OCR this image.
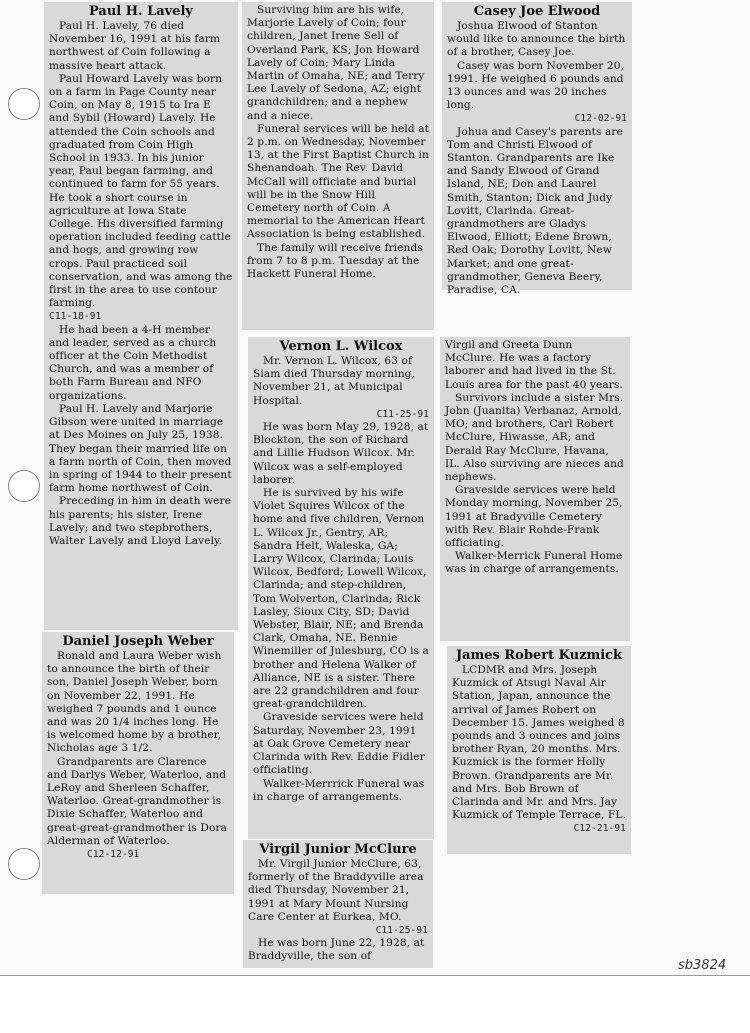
Paul H. Lavely

Paul H. Lavely, 76 died November 16, 1991 at his farm northwest of Coin following a massive heart attack.

Paul Howard Lavely was born on a farm in Page County near Coin, on May 8, 1915 to Ira E and Sybil (Howard) Lavely. He attended the Coin schools and graduated from Coin High School in 1933. In his junior year, Paul began farming, and continued to farm for 55 years. He took a short course in agriculture at Iowa State College. His diversified farming operation included feeding cattle and hogs, and growing row crops. Paul practiced soil conservation, and was among the first in the area to use contour farming.

C11-18-91

He had been a 4-H member and leader, served as a church officer at the Coin Methodist Church, and was a member of both Farm Bureau and NFO organizations.

Paul H. Lavely and Marjorie Gibson were united in marriage at Des Moines on July 25, 1938. They began their married life on a farm north of Coin, then moved in spring of 1944 to their present farm home northwest of Coin.

Preceding in him in death were his parents; his sister, Irene Lavely; and two stepbrothers, Walter Lavely and Lloyd Lavely.

Surviving him are his wife, Marjorie Lavely of Coin; four children, Janet Irene Sell of Overland Park, KS; Jon Howard Lavely of Coin; Mary Linda Martin of Omaha, NE; and Terry Lee Lavely of Sedona, AZ; eight grandchildren; and a nephew and a niece.

Funeral services will be held at 2 p.m. on Wednesday, November 13, at the First Baptist Church in Shenandoah. The Rev. David McCall will officiate and burial will be in the Snow Hill Cemetery north of Coin. A memorial to the American Heart Association is being established.

The family will receive friends from 7 to 8 p.m. Tuesday at the Hackett Funeral Home.

Casey Joe Elwood

Joshua Elwood of Stanton would like to announce the birth of a brother, Casey Joe.

Casey was born November 20, 1991. He weighed 6 pounds and 13 ounces and was 20 inches long.

C12-02-91

Johua and Casey's parents are Tom and Christi Elwood of Stanton. Grandparents are Ike and Sandy Elwood of Grand Island, NE; Don and Laurel Smith, Stanton; Dick and Judy Lovitt, Clarinda. Great-grandmothers are Gladys Elwood, Elliott; Edene Brown, Red Oak; Dorothy Lovitt, New Market; and one great-grandmother, Geneva Beery, Paradise, CA.

Vernon L. Wilcox

Mr. Vernon L. Wilcox, 63 of Siam died Thursday morning, November 21, at Municipal Hospital.

C11-25-91

He was born May 29, 1928, at Blockton, the son of Richard and Lillie Hudson Wilcox. Mr. Wilcox was a self-employed laborer.

He is survived by his wife Violet Squires Wilcox of the home and five children, Vernon L. Wilcox Jr., Gentry, AR; Sandra Helt, Waleska, GA; Larry Wilcox, Clarinda; Louis Wilcox, Bedford; Lowell Wilcox, Clarinda; and step-children, Tom Wolverton, Clarinda; Rick Lasley, Sioux City, SD; David Webster, Blair, NE; and Brenda Clark, Omaha, NE. Bennie Winemiller of Julesburg, CO is a brother and Helena Walker of Alliance, NE is a sister. There are 22 grandchildren and four great-grandchildren.

Graveside services were held Saturday, November 23, 1991 at Oak Grove Cemetery near Clarinda with Rev. Eddie Fidler officiating.

Walker-Merrrick Funeral was in charge of arrangements.

Virgil and Greeta Dunn McClure. He was a factory laborer and had lived in the St. Louis area for the past 40 years.

Survivors include a sister Mrs. John (Juanita) Verbanaz, Arnold, MO; and brothers, Carl Robert McClure, Hiwasse, AR; and Derald Ray McClure, Havana, IL. Also surviving are nieces and nephews.

Graveside services were held Monday morning, November 25, 1991 at Bradyville Cemetery with Rev. Blair Rohde-Frank officiating.

Walker-Merrick Funeral Home was in charge of arrangements.

Daniel Joseph Weber

Ronald and Laura Weber wish to announce the birth of their son, Daniel Joseph Weber, born on November 22, 1991. He weighed 7 pounds and 1 ounce and was 20 1/4 inches long. He is welcomed home by a brother, Nicholas age 3 1/2.

Grandparents are Clarence and Darlys Weber, Waterloo, and LeRoy and Sherleen Schaffer, Waterloo. Great-grandmother is Dixie Schaffer, Waterloo and great-great-grandmother is Dora Alderman of Waterloo.

C12-12-91

James Robert Kuzmick

LCDMR and Mrs. Joseph Kuzmick of Atsugi Naval Air Station, Japan, announce the arrival of James Robert on December 15. James weighed 8 pounds and 3 ounces and joins brother Ryan, 20 months. Mrs. Kuzmick is the former Holly Brown. Grandparents are Mr. and Mrs. Bob Brown of Clarinda and Mr. and Mrs. Jay Kuzmick of Temple Terrace, FL.

C12-21-91

Virgil Junior McClure

Mr. Virgil Junior McClure, 63, formerly of the Braddyville area died Thursday, November 21, 1991 at Mary Mount Nursing Care Center at Eurkea, MO.

C11-25-91

He was born June 22, 1928, at Braddyville, the son of

sb3824
